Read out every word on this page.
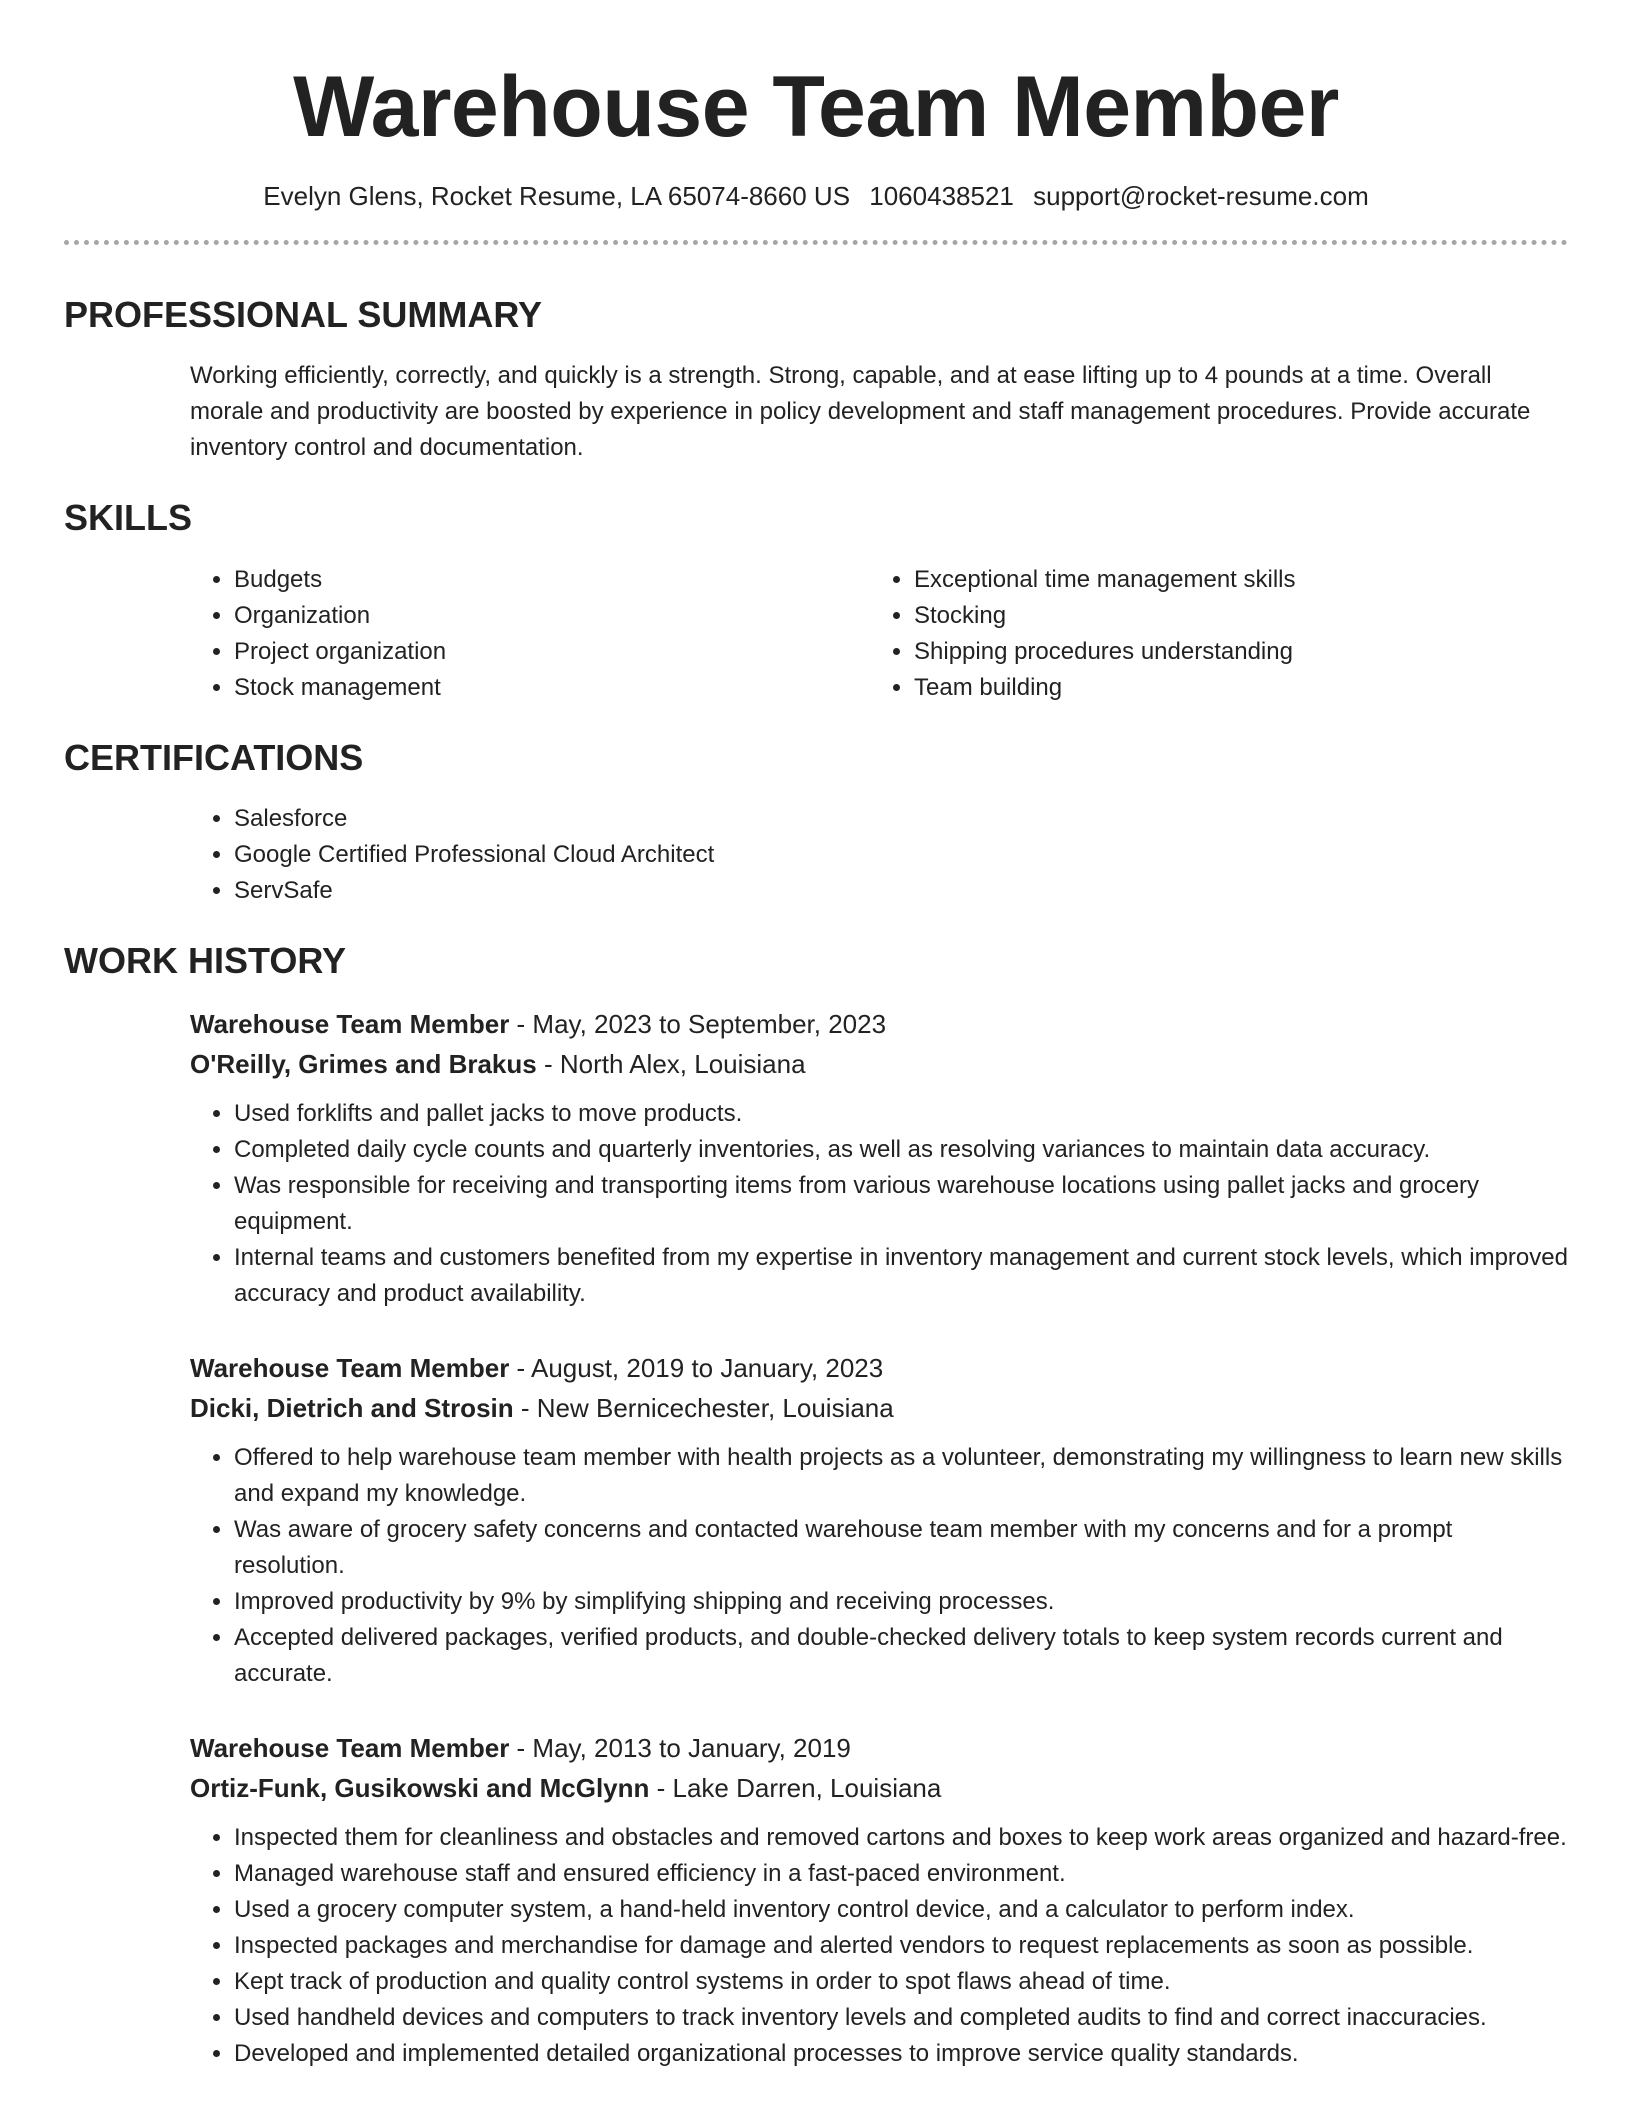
Warehouse Team Member
Evelyn Glens, Rocket Resume, LA 65074-8660 US 1060438521 support@rocket-resume.com
PROFESSIONAL SUMMARY

Working efficiently, correctly, and quickly is a strength. Strong, capable, and at ease lifting up to 4 pounds at a time. Overall morale and productivity are boosted by experience in policy development and staff management procedures. Provide accurate inventory control and documentation.

SKILLS
• Budgets
• Organization
• Project organization
• Stock management
• Exceptional time management skills
• Stocking
• Shipping procedures understanding
• Team building
CERTIFICATIONS
• Salesforce
• Google Certified Professional Cloud Architect
• ServSafe
WORK HISTORY
Warehouse Team Member - May, 2023 to September, 2023
O'Reilly, Grimes and Brakus - North Alex, Louisiana
• Used forklifts and pallet jacks to move products.
• Completed daily cycle counts and quarterly inventories, as well as resolving variances to maintain data accuracy.
• Was responsible for receiving and transporting items from various warehouse locations using pallet jacks and grocery equipment.
• Internal teams and customers benefited from my expertise in inventory management and current stock levels, which improved accuracy and product availability.
Warehouse Team Member - August, 2019 to January, 2023
Dicki, Dietrich and Strosin - New Bernicechester, Louisiana
• Offered to help warehouse team member with health projects as a volunteer, demonstrating my willingness to learn new skills and expand my knowledge.
• Was aware of grocery safety concerns and contacted warehouse team member with my concerns and for a prompt resolution.
• Improved productivity by 9% by simplifying shipping and receiving processes.
• Accepted delivered packages, verified products, and double-checked delivery totals to keep system records current and accurate.
Warehouse Team Member - May, 2013 to January, 2019
Ortiz-Funk, Gusikowski and McGlynn - Lake Darren, Louisiana
• Inspected them for cleanliness and obstacles and removed cartons and boxes to keep work areas organized and hazard-free.
• Managed warehouse staff and ensured efficiency in a fast-paced environment.
• Used a grocery computer system, a hand-held inventory control device, and a calculator to perform index.
• Inspected packages and merchandise for damage and alerted vendors to request replacements as soon as possible.
• Kept track of production and quality control systems in order to spot flaws ahead of time.
• Used handheld devices and computers to track inventory levels and completed audits to find and correct inaccuracies.
• Developed and implemented detailed organizational processes to improve service quality standards.
